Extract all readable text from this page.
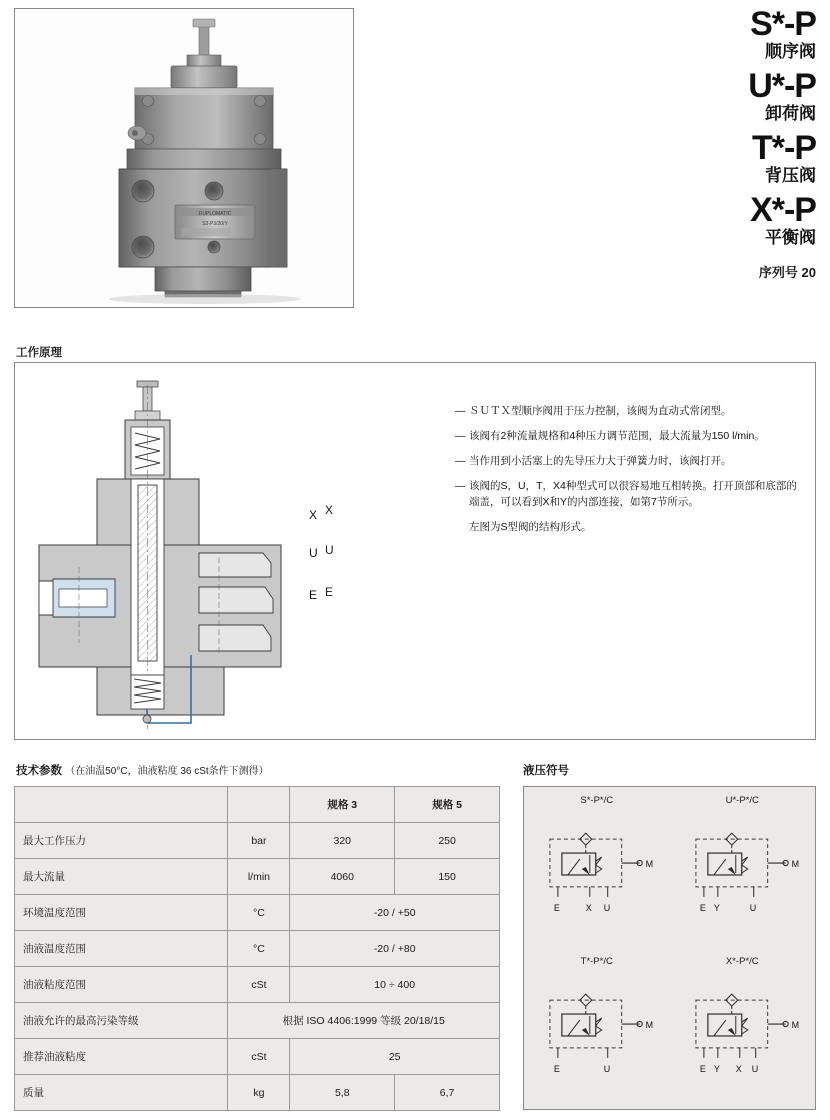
DUPLOMATIC
S3-P3/20/Y
S*-P
顺序阀
U*-P
卸荷阀
T*-P
背压阀
X*-P
平衡阀
序列号 20
工作原理
X
U
E
X
U
E
— ＳＵＴＸ型顺序阀用于压力控制，该阀为直动式常闭型。
— 该阀有2种流量规格和4种压力调节范围，最大流量为150 l/min。
— 当作用到小活塞上的先导压力大于弹簧力时，该阀打开。
— 该阀的S，U，T，X4种型式可以很容易地互相转换。打开顶部和底部的端盖，可以看到X和Y的内部连接，如第7节所示。
左图为S型阀的结构形式。
技术参数 （在油温50°C，油液粘度 36 cSt条件下测得）
		规格 3	规格 5
最大工作压力	bar	320	250
最大流量	l/min	4060	150
环境温度范围	°C	-20 / +50	
油液温度范围	°C	-20 / +80	
油液粘度范围	cSt	10 ÷ 400	
油液允许的最高污染等级	根据 ISO 4406:1999 等级 20/18/15		
推荐油液粘度	cSt	25	
质量	kg	5,8	6,7
液压符号
S*-P*/C
M
E	X U
U*-P*/C
M
E Y	U
T*-P*/C
M
E	U
X*-P*/C
M
E Y X U
